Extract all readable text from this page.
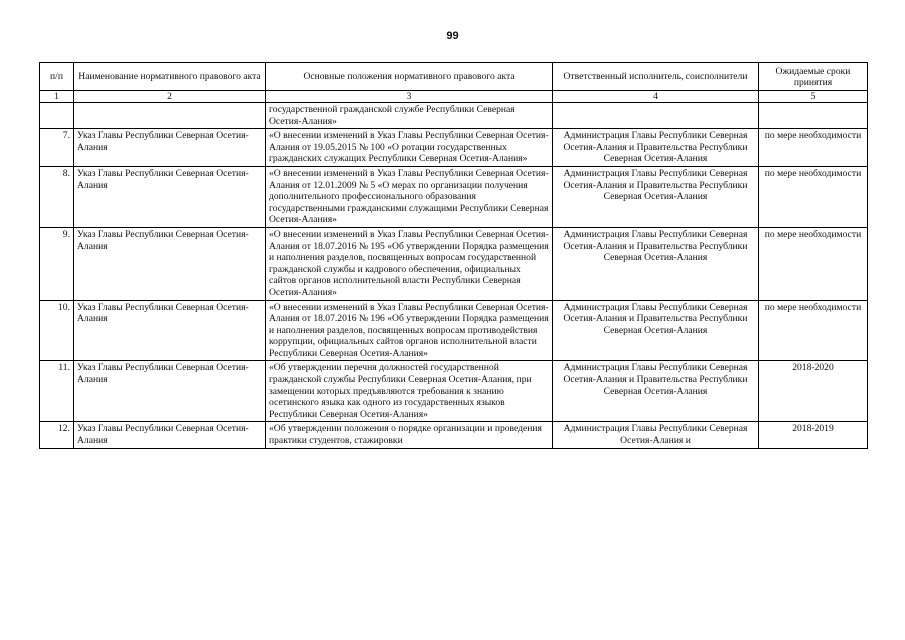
99
п/п	Наименование нормативного правового акта	Основные положения нормативного правового акта	Ответственный исполнитель, соисполнители	Ожидаемые сроки принятия
1	2	3	4	5
		государственной гражданской службе Республики Северная Осетия-Алания»		
7.	Указ Главы Республики Северная Осетия-Алания	«О внесении изменений в Указ Главы Республики Северная Осетия-Алания от 19.05.2015 № 100 «О ротации государственных гражданских служащих Республики Северная Осетия-Алания»	Администрация Главы Республики Северная Осетия-Алания и Правительства Республики Северная Осетия-Алания	по мере необходимости
8.	Указ Главы Республики Северная Осетия-Алания	«О внесении изменений в Указ Главы Республики Северная Осетия-Алания от 12.01.2009 № 5 «О мерах по организации получения дополнительного профессионального образования государственными гражданскими служащими Республики Северная Осетия-Алания»	Администрация Главы Республики Северная Осетия-Алания и Правительства Республики Северная Осетия-Алания	по мере необходимости
9.	Указ Главы Республики Северная Осетия-Алания	«О внесении изменений в Указ Главы Республики Северная Осетия-Алания от 18.07.2016 № 195 «Об утверждении Порядка размещения и наполнения разделов, посвященных вопросам государственной гражданской службы и кадрового обеспечения, официальных сайтов органов исполнительной власти Республики Северная Осетия-Алания»	Администрация Главы Республики Северная Осетия-Алания и Правительства Республики Северная Осетия-Алания	по мере необходимости
10.	Указ Главы Республики Северная Осетия-Алания	«О внесении изменений в Указ Главы Республики Северная Осетия-Алания от 18.07.2016 № 196 «Об утверждении Порядка размещения и наполнения разделов, посвященных вопросам противодействия коррупции, официальных сайтов органов исполнительной власти Республики Северная Осетия-Алания»	Администрация Главы Республики Северная Осетия-Алания и Правительства Республики Северная Осетия-Алания	по мере необходимости
11.	Указ Главы Республики Северная Осетия-Алания	«Об утверждении перечня должностей государственной гражданской службы Республики Северная Осетия-Алания, при замещении которых предъявляются требования к знанию осетинского языка как одного из государственных языков Республики Северная Осетия-Алания»	Администрация Главы Республики Северная Осетия-Алания и Правительства Республики Северная Осетия-Алания	2018-2020
12.	Указ Главы Республики Северная Осетия-Алания	«Об утверждении положения о порядке организации и проведения практики студентов, стажировки	Администрация Главы Республики Северная Осетия-Алания и	2018-2019
